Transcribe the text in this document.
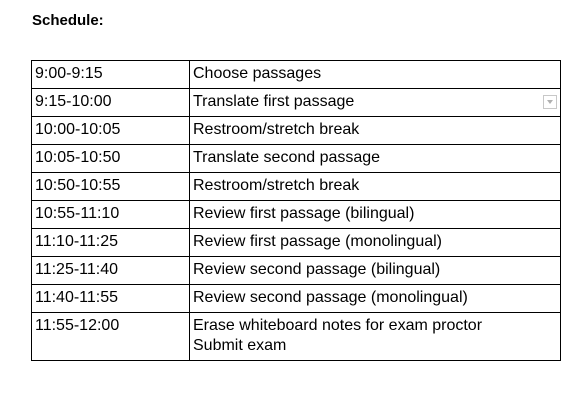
Schedule:
9:00-9:15	Choose passages

9:15-10:00	Translate first passage

10:00-10:05	Restroom/stretch break

10:05-10:50	Translate second passage

10:50-10:55	Restroom/stretch break

10:55-11:10	Review first passage (bilingual)

11:10-11:25	Review first passage (monolingual)

11:25-11:40	Review second passage (bilingual)

11:40-11:55	Review second passage (monolingual)

11:55-12:00	Erase whiteboard notes for exam proctor
Submit exam
